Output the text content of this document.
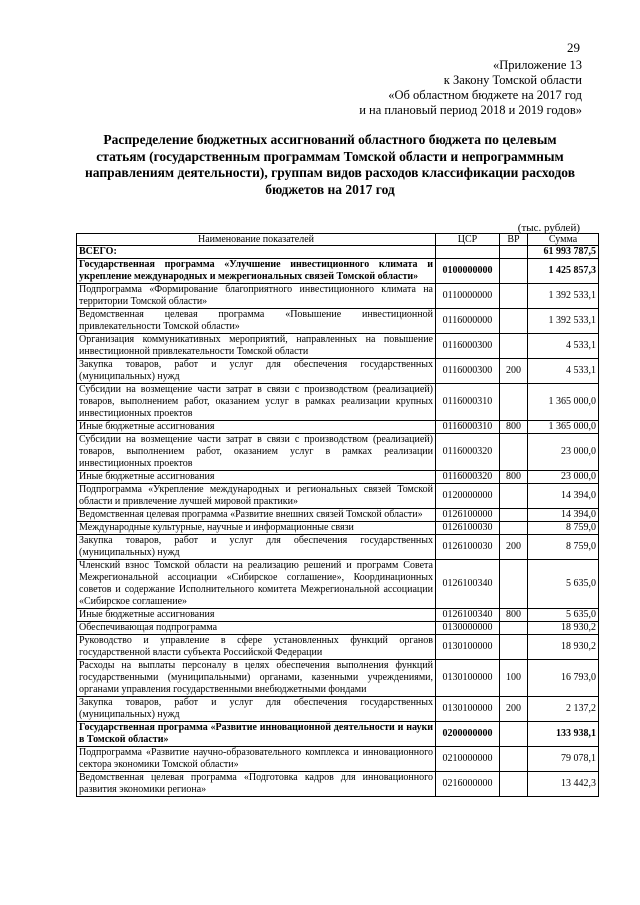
29
«Приложение 13
к Закону Томской области
«Об областном бюджете на 2017 год
и на плановый период 2018 и 2019 годов»
Распределение бюджетных ассигнований областного бюджета по целевым статьям (государственным программам Томской области и непрограммным направлениям деятельности), группам видов расходов классификации расходов бюджетов на 2017 год
(тыс. рублей)
Наименование показателей	ЦСР	ВР	Сумма
ВСЕГО:			61 993 787,5
Государственная программа «Улучшение инвестиционного климата и укрепление международных и межрегиональных связей Томской области»	0100000000		1 425 857,3
Подпрограмма «Формирование благоприятного инвестиционного климата на территории Томской области»	0110000000		1 392 533,1
Ведомственная целевая программа «Повышение инвестиционной привлекательности Томской области»	0116000000		1 392 533,1
Организация коммуникативных мероприятий, направленных на повышение инвестиционной привлекательности Томской области	0116000300		4 533,1
Закупка товаров, работ и услуг для обеспечения государственных (муниципальных) нужд	0116000300	200	4 533,1
Субсидии на возмещение части затрат в связи с производством (реализацией) товаров, выполнением работ, оказанием услуг в рамках реализации крупных инвестиционных проектов	0116000310		1 365 000,0
Иные бюджетные ассигнования	0116000310	800	1 365 000,0
Субсидии на возмещение части затрат в связи с производством (реализацией) товаров, выполнением работ, оказанием услуг в рамках реализации инвестиционных проектов	0116000320		23 000,0
Иные бюджетные ассигнования	0116000320	800	23 000,0
Подпрограмма «Укрепление международных и региональных связей Томской области и привлечение лучшей мировой практики»	0120000000		14 394,0
Ведомственная целевая программа «Развитие внешних связей Томской области»	0126100000		14 394,0
Международные культурные, научные и информационные связи	0126100030		8 759,0
Закупка товаров, работ и услуг для обеспечения государственных (муниципальных) нужд	0126100030	200	8 759,0
Членский взнос Томской области на реализацию решений и программ Совета Межрегиональной ассоциации «Сибирское соглашение», Координационных советов и содержание Исполнительного комитета Межрегиональной ассоциации «Сибирское соглашение»	0126100340		5 635,0
Иные бюджетные ассигнования	0126100340	800	5 635,0
Обеспечивающая подпрограмма	0130000000		18 930,2
Руководство и управление в сфере установленных функций органов государственной власти субъекта Российской Федерации	0130100000		18 930,2
Расходы на выплаты персоналу в целях обеспечения выполнения функций государственными (муниципальными) органами, казенными учреждениями, органами управления государственными внебюджетными фондами	0130100000	100	16 793,0
Закупка товаров, работ и услуг для обеспечения государственных (муниципальных) нужд	0130100000	200	2 137,2
Государственная программа «Развитие инновационной деятельности и науки в Томской области»	0200000000		133 938,1
Подпрограмма «Развитие научно-образовательного комплекса и инновационного сектора экономики Томской области»	0210000000		79 078,1
Ведомственная целевая программа «Подготовка кадров для инновационного развития экономики региона»	0216000000		13 442,3
